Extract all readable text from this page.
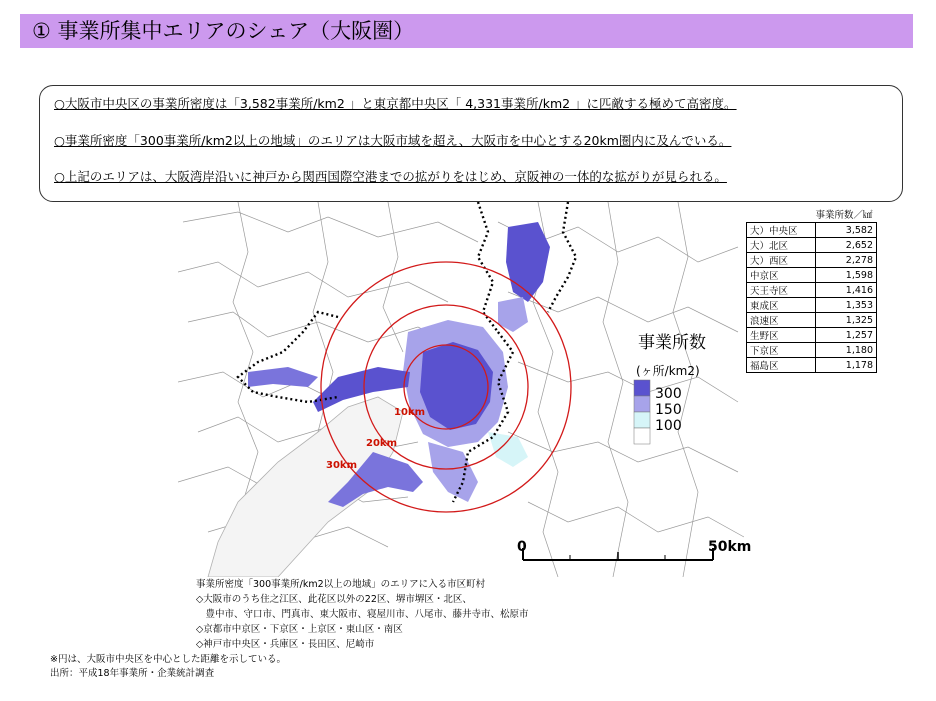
① 事業所集中エリアのシェア（大阪圏）
○大阪市中央区の事業所密度は「3,582事業所/km2 」と東京都中央区「 4,331事業所/km2 」に匹敵する極めて高密度。
○事業所密度「300事業所/km2以上の地域」のエリアは大阪市域を超え、大阪市を中心とする20km圏内に及んでいる。
○上記のエリアは、大阪湾岸沿いに神戸から関西国際空港までの拡がりをはじめ、京阪神の一体的な拡がりが見られる。
事業所数
(ヶ所/km2)
300
150
100
10km
20km
30km
0	50km
事業所数／㎢	
大）中央区	3,582
大）北区	2,652
大）西区	2,278
中京区	1,598
天王寺区	1,416
東成区	1,353
浪速区	1,325
生野区	1,257
下京区	1,180
福島区	1,178
事業所密度「300事業所/km2以上の地域」のエリアに入る市区町村
◇大阪市のうち住之江区、此花区以外の22区、堺市堺区・北区、
　豊中市、守口市、門真市、東大阪市、寝屋川市、八尾市、藤井寺市、松原市
◇京都市中京区・下京区・上京区・東山区・南区
◇神戸市中央区・兵庫区・長田区、尼崎市
※円は、大阪市中央区を中心とした距離を示している。
出所：平成18年事業所・企業統計調査
